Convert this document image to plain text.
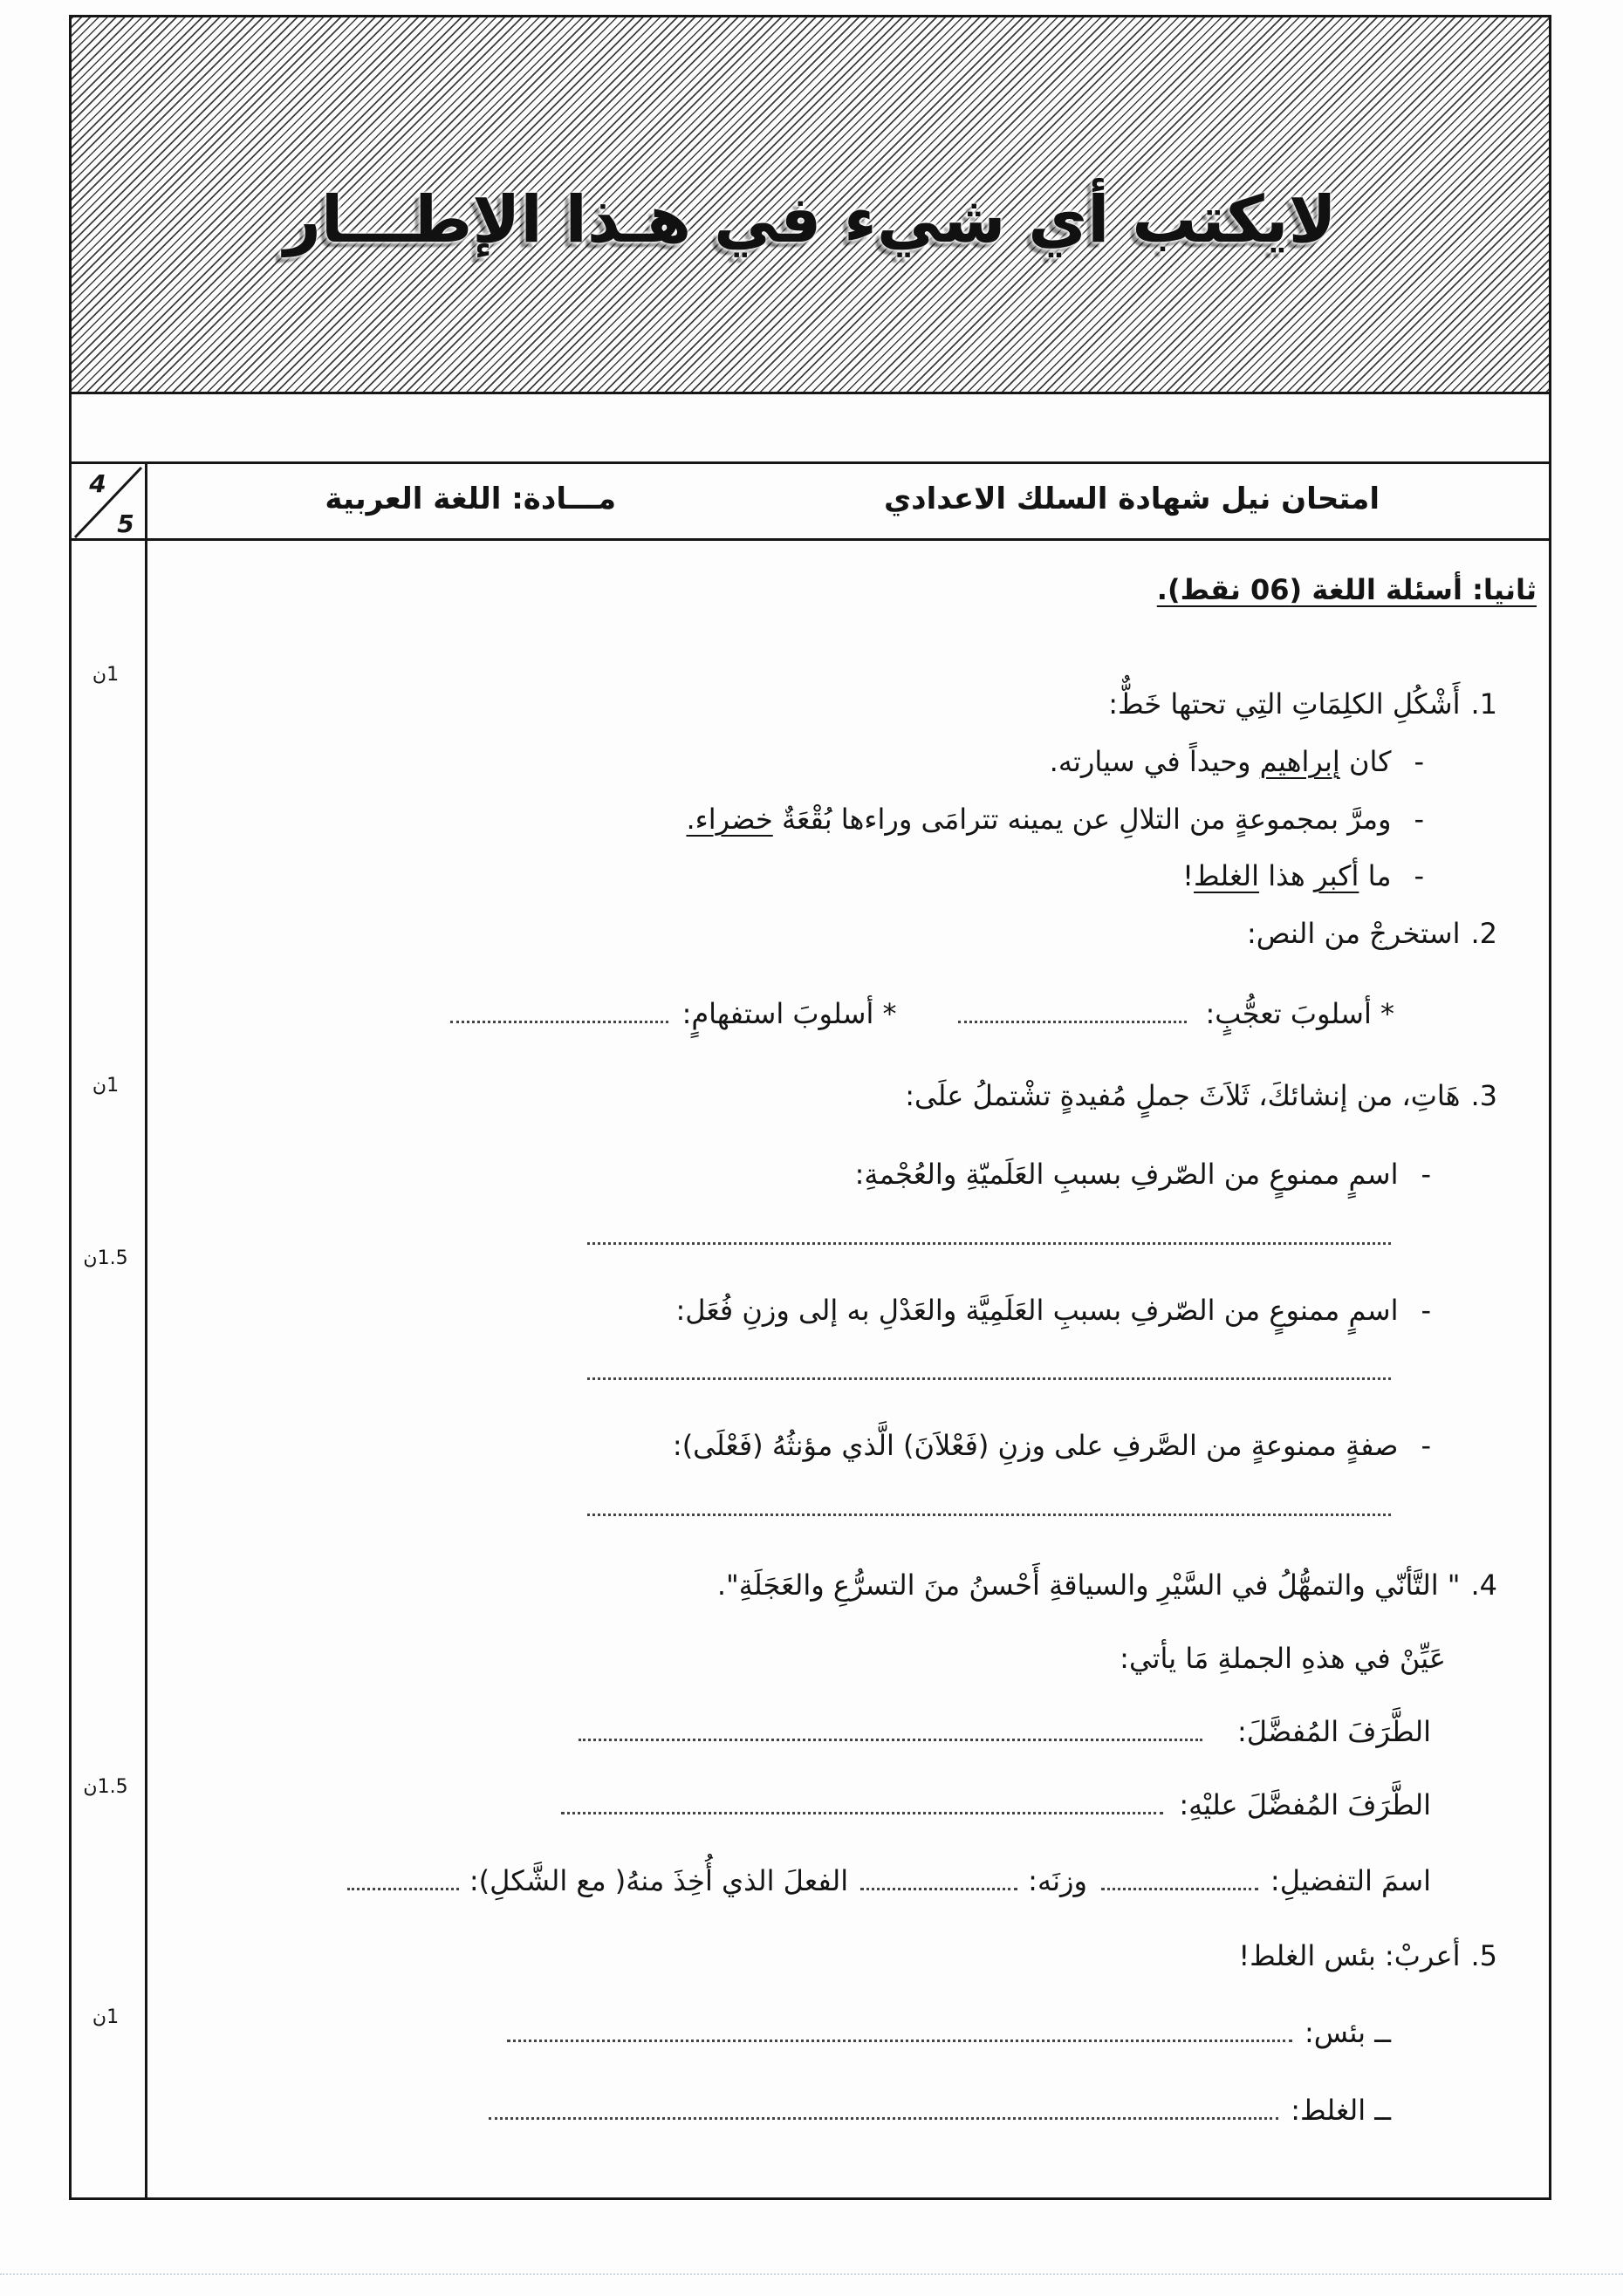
لايكتب أي شيء في هـذا الإطـــار
4
5
امتحان نيل شهادة السلك الاعدادي
مـــادة: اللغة العربية
1ن
1ن
1.5ن
1.5ن
1ن
ثانيا: أسئلة اللغة (06 نقط).
1.
أَشْكُلِ الكلِمَاتِ التِي تحتها خَطٌّ:
-
كان إبراهيم وحيداً في سيارته.
-
ومرَّ بمجموعةٍ من التلالِ عن يمينه تترامَى وراءها بُقْعَةٌ خضراء.
-
ما أكبر هذا الغلط!
2.
استخرجْ من النص:
* أسلوبَ تعجُّبٍ:
* أسلوبَ استفهامٍ:
3.
هَاتِ، من إنشائكَ، ثَلاَثَ جملٍ مُفيدةٍ تشْتملُ علَى:
-
اسمٍ ممنوعٍ من الصّرفِ بسببِ العَلَميّةِ والعُجْمةِ:
-
اسمٍ ممنوعٍ من الصّرفِ بسببِ العَلَمِيَّة والعَدْلِ به إلى وزنِ فُعَل:
-
صفةٍ ممنوعةٍ من الصَّرفِ على وزنِ (فَعْلاَنَ) الَّذي مؤنثُهُ (فَعْلَى):
4.
" التَّأنّي والتمهُّلُ في السَّيْرِ والسياقةِ أَحْسنُ منَ التسرُّعِ والعَجَلَةِ".
عَيِّنْ في هذهِ الجملةِ مَا يأتي:
الطَّرَفَ المُفضَّلَ:
الطَّرَفَ المُفضَّلَ عليْهِ:
اسمَ التفضيلِ:
وزنَه:
الفعلَ الذي أُخِذَ منهُ( مع الشَّكلِ):
5.
أعربْ: بئس الغلط!
ــ بئس:
ــ الغلط:
